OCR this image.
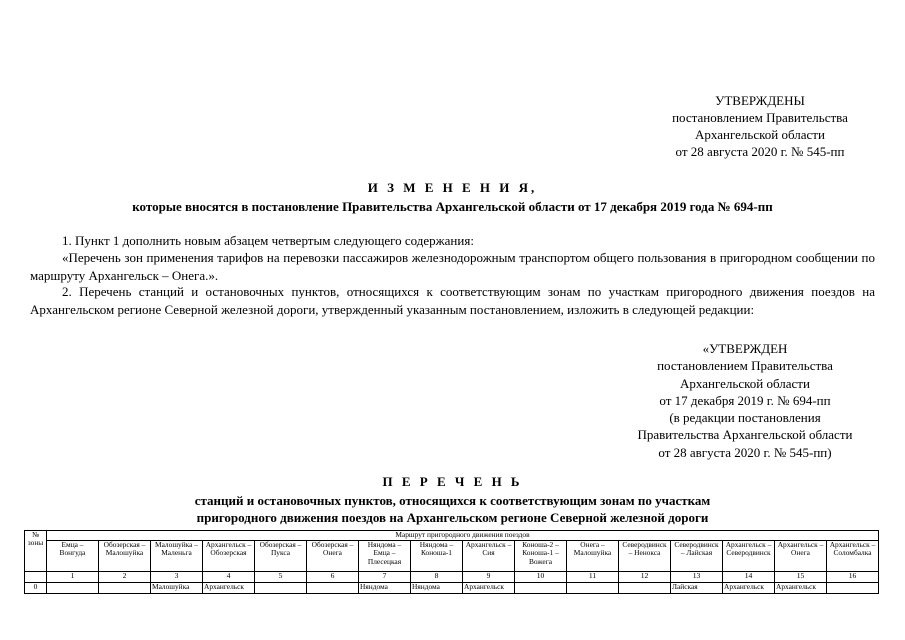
УТВЕРЖДЕНЫ
постановлением Правительства
Архангельской области
от 28 августа 2020 г. № 545-пп
И З М Е Н Е Н И Я,
которые вносятся в постановление Правительства Архангельской области от 17 декабря 2019 года № 694-пп
1. Пункт 1 дополнить новым абзацем четвертым следующего содержания:
«Перечень зон применения тарифов на перевозки пассажиров железнодорожным транспортом общего пользования в пригородном сообщении по маршруту Архангельск – Онега.».
2. Перечень станций и остановочных пунктов, относящихся к соответствующим зонам по участкам пригородного движения поездов на Архангельском регионе Северной железной дороги, утвержденный указанным постановлением, изложить в следующей редакции:
«УТВЕРЖДЕН
постановлением Правительства
Архангельской области
от 17 декабря 2019 г. № 694-пп
(в редакции постановления
Правительства Архангельской области
от 28 августа 2020 г. № 545-пп)
П Е Р Е Ч Е Н Ь
станций и остановочных пунктов, относящихся к соответствующим зонам по участкам
пригородного движения поездов на Архангельском регионе Северной железной дороги
№ зоны	Маршрут пригородного движения поездов															
	Емца – Вонгуда	Обозерская – Малошуйка	Малошуйка – Маленьга	Архангельск – Обозерская	Обозерская – Пукса	Обозерская – Онега	Няндома – Емца – Плесецкая	Няндома – Коноша-1	Архангельск – Сия	Коноша-2 – Коноша-1 – Вожега	Онега – Малошуйка	Северодвинск – Ненокса	Северодвинск – Лайская	Архангельск – Северодвинск	Архангельск – Онега	Архангельск – Соломбалка
	1	2	3	4	5	6	7	8	9	10	11	12	13	14	15	16
0			Малошуйка	Архангельск			Няндома	Няндома	Архангельск				Лайская	Архангельск	Архангельск	
